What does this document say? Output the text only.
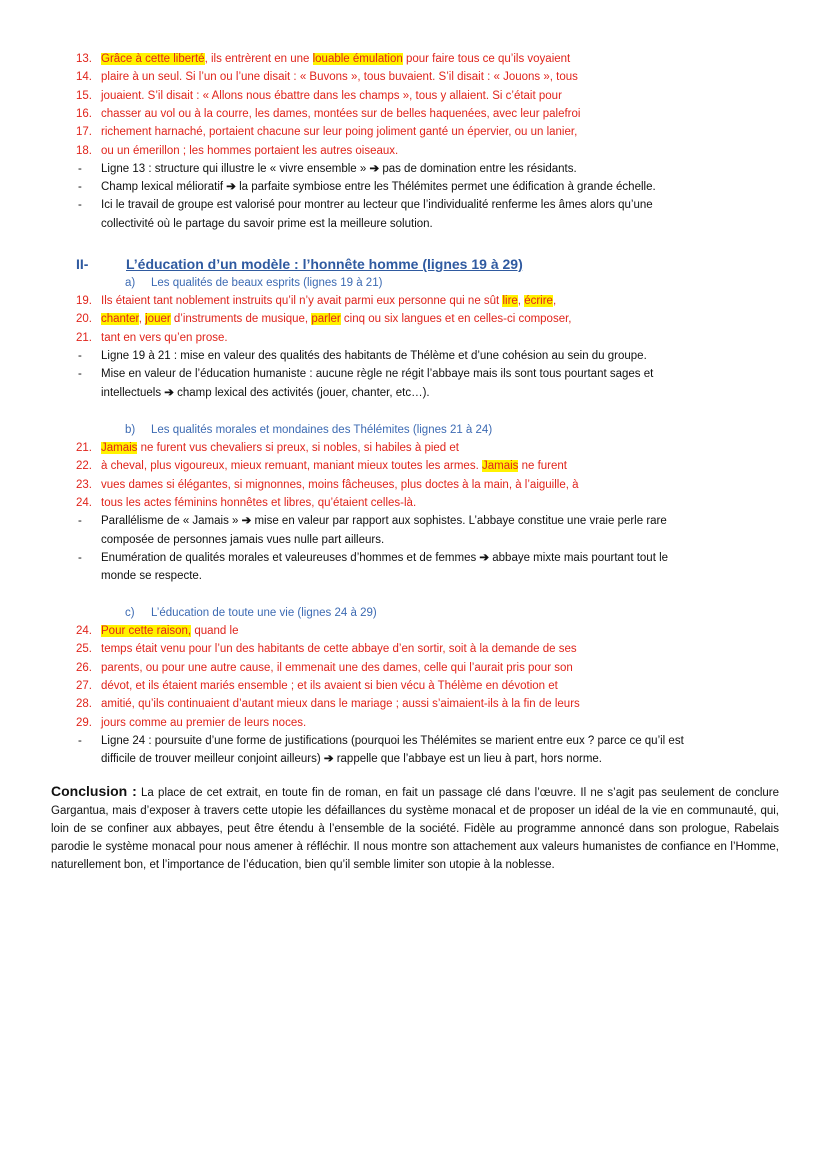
13. Grâce à cette liberté, ils entrèrent en une louable émulation pour faire tous ce qu’ils voyaient
14. plaire à un seul. Si l’un ou l’une disait : « Buvons », tous buvaient. S’il disait : « Jouons », tous
15. jouaient. S’il disait : « Allons nous ébattre dans les champs », tous y allaient. Si c’était pour
16. chasser au vol ou à la courre, les dames, montées sur de belles haquenées, avec leur palefroi
17. richement harnaché, portaient chacune sur leur poing joliment ganté un épervier, ou un lanier,
18. ou un émerillon ; les hommes portaient les autres oiseaux.
- Ligne 13 : structure qui illustre le « vivre ensemble » ➔ pas de domination entre les résidants.
- Champ lexical mélioratif ➔ la parfaite symbiose entre les Thélémites permet une édification à grande échelle.
- Ici le travail de groupe est valorisé pour montrer au lecteur que l’individualité renferme les âmes alors qu’une
collectivité où le partage du savoir prime est la meilleure solution.
II-	L’éducation d’un modèle : l’honnête homme (lignes 19 à 29)
a) Les qualités de beaux esprits (lignes 19 à 21)
19. Ils étaient tant noblement instruits qu’il n’y avait parmi eux personne qui ne sût lire, écrire,
20. chanter, jouer d’instruments de musique, parler cinq ou six langues et en celles-ci composer,
21. tant en vers qu’en prose.
- Ligne 19 à 21 : mise en valeur des qualités des habitants de Thélème et d’une cohésion au sein du groupe.
- Mise en valeur de l’éducation humaniste : aucune règle ne régit l’abbaye mais ils sont tous pourtant sages et
intellectuels ➔ champ lexical des activités (jouer, chanter, etc…).
b) Les qualités morales et mondaines des Thélémites (lignes 21 à 24)
21. Jamais ne furent vus chevaliers si preux, si nobles, si habiles à pied et
22. à cheval, plus vigoureux, mieux remuant, maniant mieux toutes les armes. Jamais ne furent
23. vues dames si élégantes, si mignonnes, moins fâcheuses, plus doctes à la main, à l’aiguille, à
24. tous les actes féminins honnêtes et libres, qu’étaient celles-là.
- Parallélisme de « Jamais » ➔ mise en valeur par rapport aux sophistes. L’abbaye constitue une vraie perle rare
composée de personnes jamais vues nulle part ailleurs.
- Enumération de qualités morales et valeureuses d’hommes et de femmes ➔ abbaye mixte mais pourtant tout le
monde se respecte.
c) L’éducation de toute une vie (lignes 24 à 29)
24. Pour cette raison, quand le
25. temps était venu pour l’un des habitants de cette abbaye d’en sortir, soit à la demande de ses
26. parents, ou pour une autre cause, il emmenait une des dames, celle qui l’aurait pris pour son
27. dévot, et ils étaient mariés ensemble ; et ils avaient si bien vécu à Thélème en dévotion et
28. amitié, qu’ils continuaient d’autant mieux dans le mariage ; aussi s’aimaient-ils à la fin de leurs
29. jours comme au premier de leurs noces.
- Ligne 24 : poursuite d’une forme de justifications (pourquoi les Thélémites se marient entre eux ? parce ce qu’il est
difficile de trouver meilleur conjoint ailleurs) ➔ rappelle que l’abbaye est un lieu à part, hors norme.
Conclusion : La place de cet extrait, en toute fin de roman, en fait un passage clé dans l’œuvre. Il ne s’agit pas seulement de conclure Gargantua, mais d’exposer à travers cette utopie les défaillances du système monacal et de proposer un idéal de la vie en communauté, qui, loin de se confiner aux abbayes, peut être étendu à l’ensemble de la société. Fidèle au programme annoncé dans son prologue, Rabelais parodie le système monacal pour nous amener à réfléchir. Il nous montre son attachement aux valeurs humanistes de confiance en l’Homme, naturellement bon, et l’importance de l’éducation, bien qu’il semble limiter son utopie à la noblesse.
